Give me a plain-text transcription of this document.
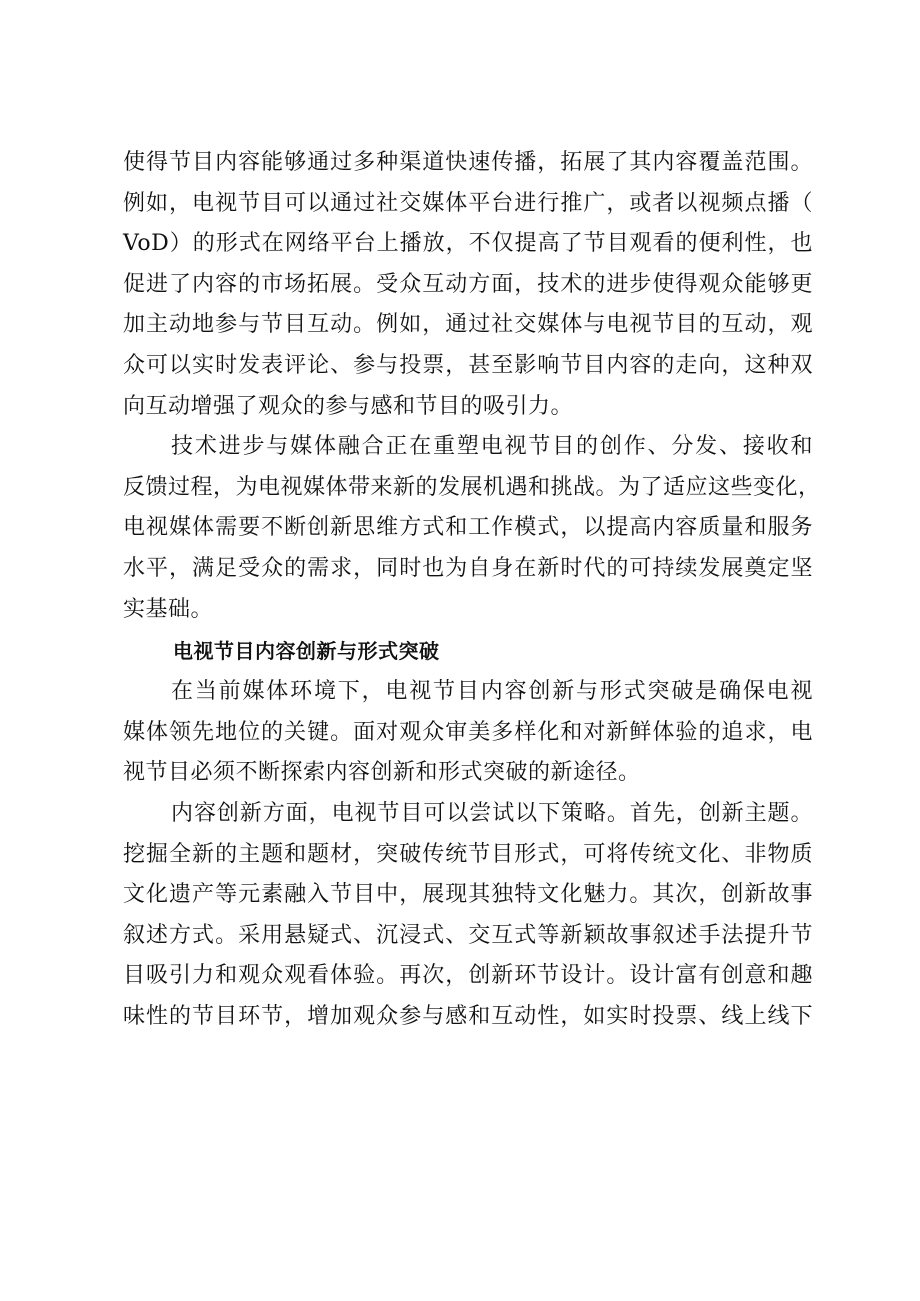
使得节目内容能够通过多种渠道快速传播，拓展了其内容覆盖范围。
例如，电视节目可以通过社交媒体平台进行推广，或者以视频点播（
VoD）的形式在网络平台上播放，不仅提高了节目观看的便利性，也
促进了内容的市场拓展。受众互动方面，技术的进步使得观众能够更
加主动地参与节目互动。例如，通过社交媒体与电视节目的互动，观
众可以实时发表评论、参与投票，甚至影响节目内容的走向，这种双
向互动增强了观众的参与感和节目的吸引力。

技术进步与媒体融合正在重塑电视节目的创作、分发、接收和
反馈过程，为电视媒体带来新的发展机遇和挑战。为了适应这些变化，
电视媒体需要不断创新思维方式和工作模式，以提高内容质量和服务
水平，满足受众的需求，同时也为自身在新时代的可持续发展奠定坚
实基础。

电视节目内容创新与形式突破

在当前媒体环境下，电视节目内容创新与形式突破是确保电视
媒体领先地位的关键。面对观众审美多样化和对新鲜体验的追求，电
视节目必须不断探索内容创新和形式突破的新途径。

内容创新方面，电视节目可以尝试以下策略。首先，创新主题。
挖掘全新的主题和题材，突破传统节目形式，可将传统文化、非物质
文化遗产等元素融入节目中，展现其独特文化魅力。其次，创新故事
叙述方式。采用悬疑式、沉浸式、交互式等新颖故事叙述手法提升节
目吸引力和观众观看体验。再次，创新环节设计。设计富有创意和趣
味性的节目环节，增加观众参与感和互动性，如实时投票、线上线下
